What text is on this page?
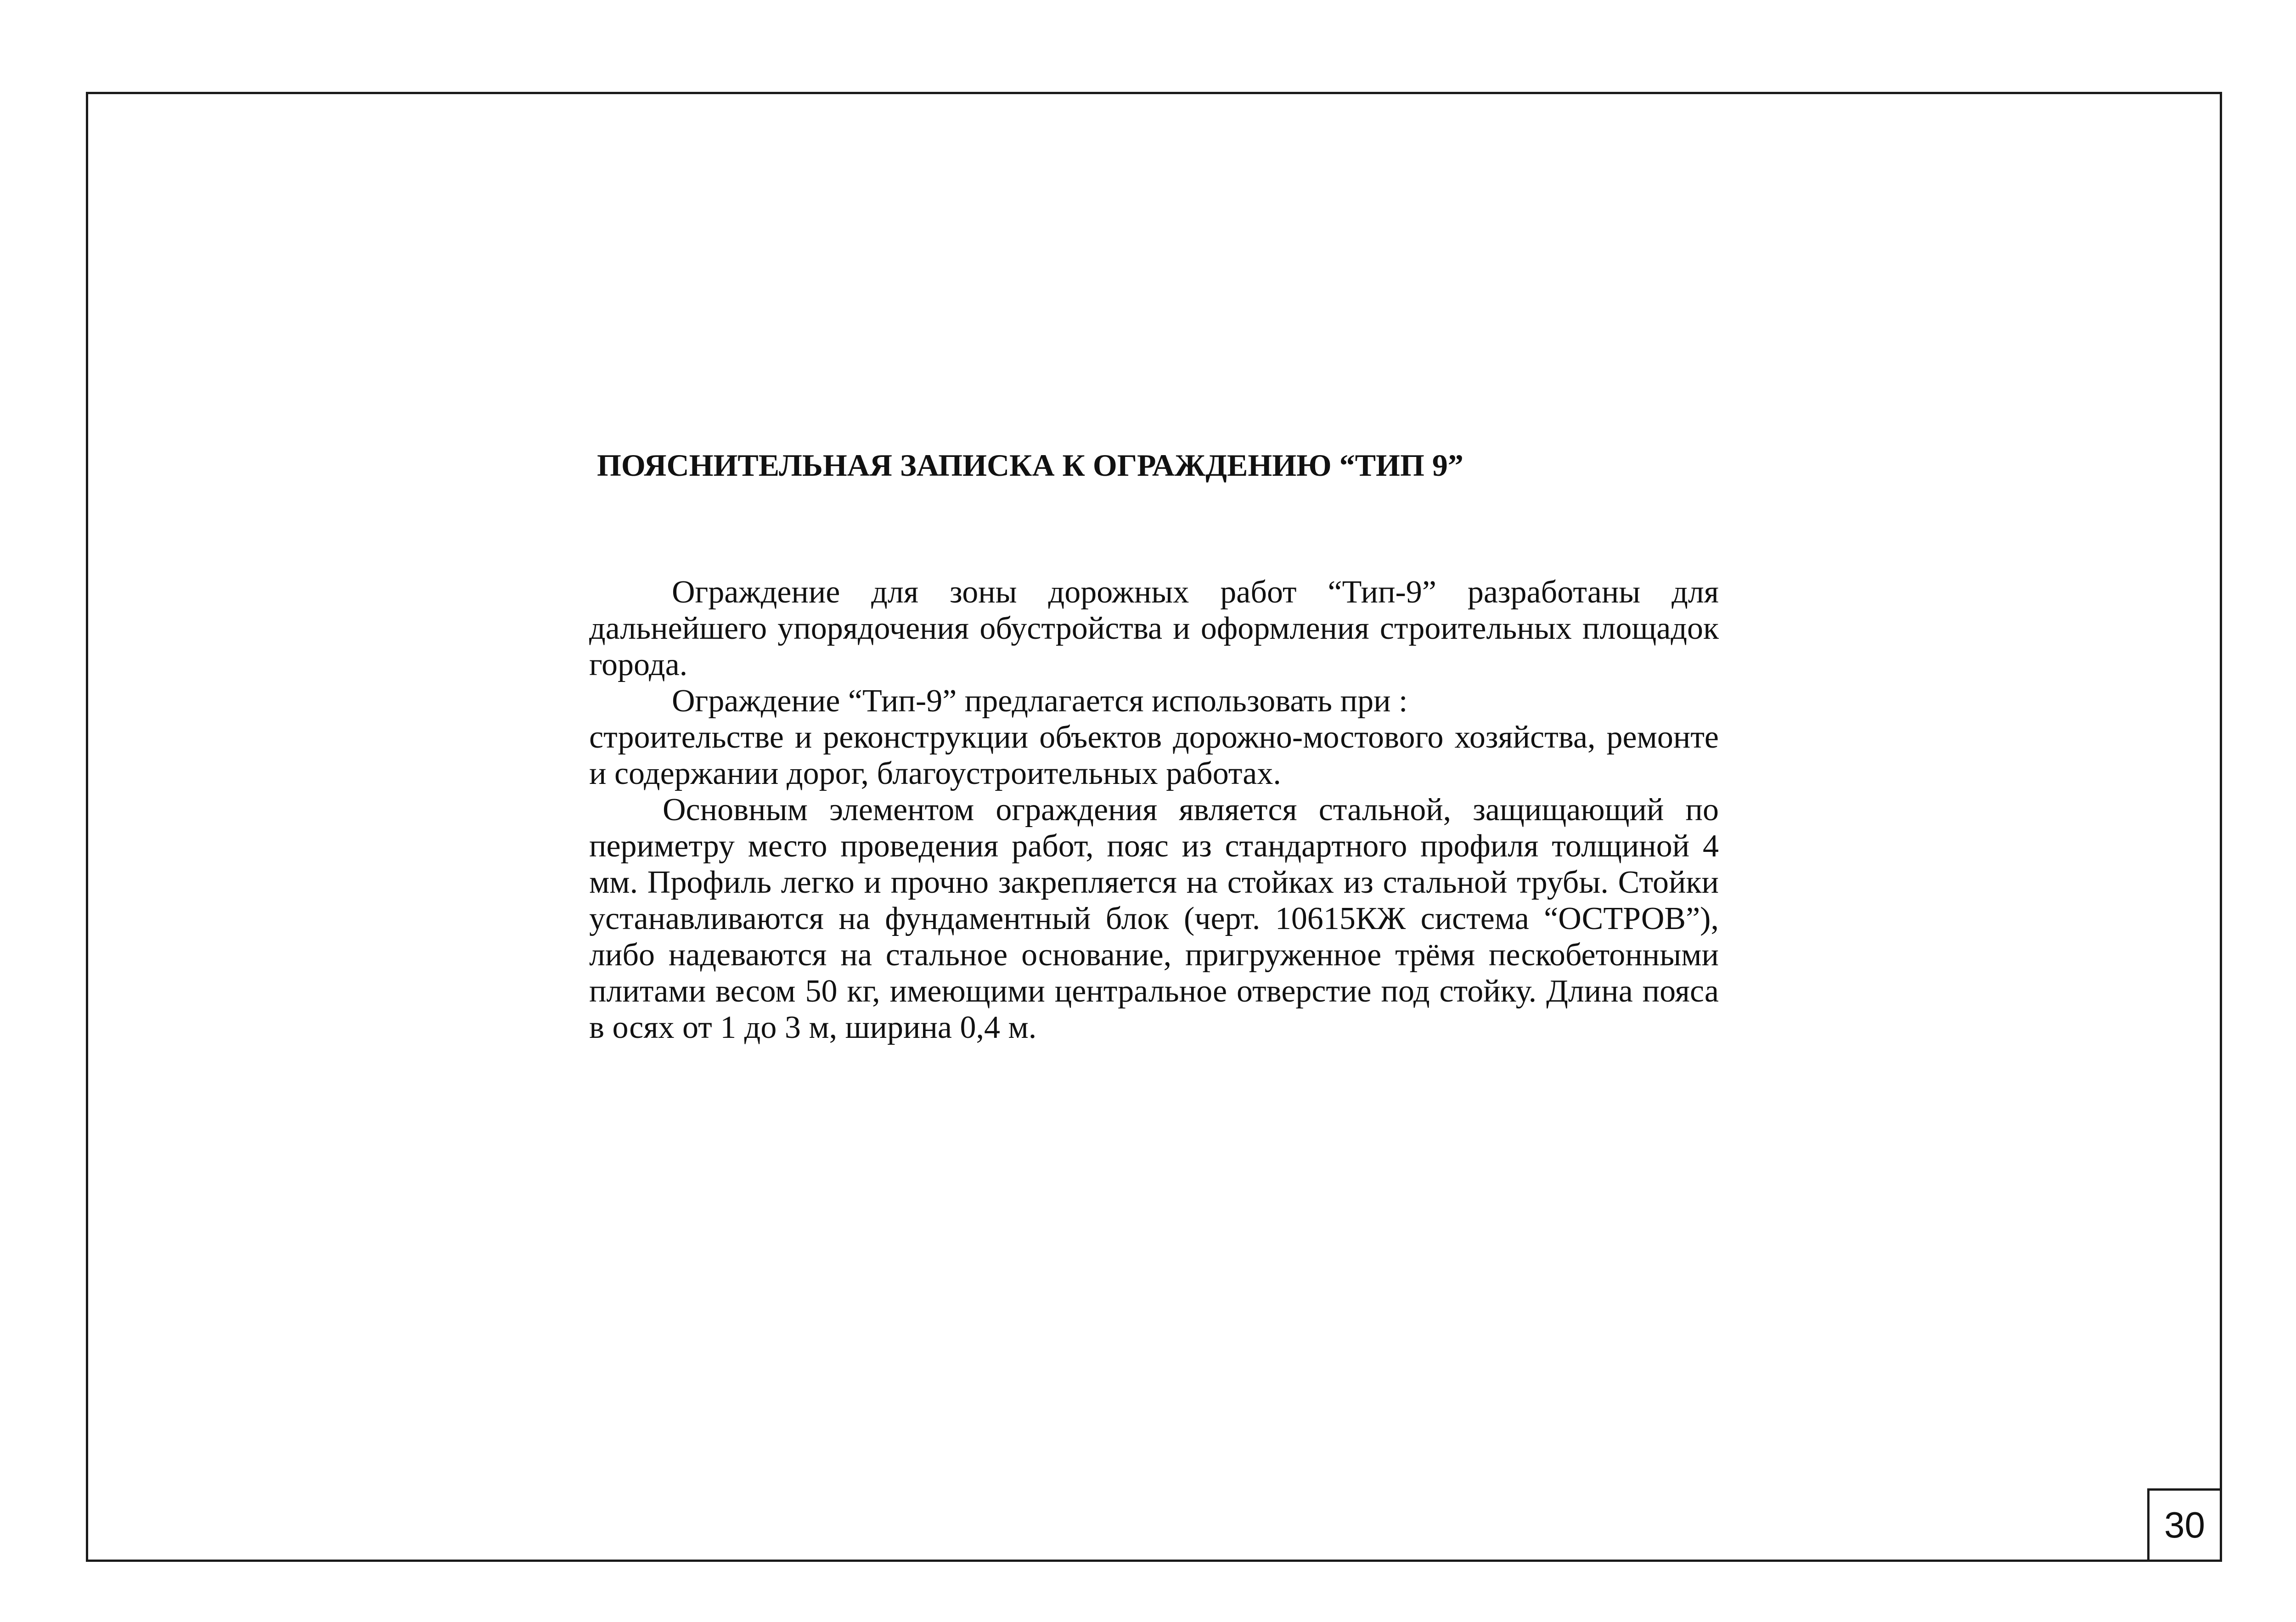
ПОЯСНИТЕЛЬНАЯ ЗАПИСКА К ОГРАЖДЕНИЮ “ТИП 9”

Ограждение для зоны дорожных работ “Тип-9” разработаны для дальнейшего упорядочения обустройства и оформления строительных площадок города.

Ограждение “Тип-9” предлагается использовать при :

строительстве и реконструкции объектов дорожно-мостового хозяйства, ремонте и содержании дорог, благоустроительных работах.

Основным элементом ограждения является стальной, защищающий по периметру место проведения работ, пояс из стандартного профиля толщиной 4 мм. Профиль легко и прочно закрепляется на стойках из стальной трубы. Стойки устанавливаются на фундаментный блок (черт. 10615КЖ система “ОСТРОВ”), либо надеваются на стальное основание, пригруженное трёмя пескобетонными плитами весом 50 кг, имеющими центральное отверстие под стойку. Длина пояса в осях от 1 до 3 м, ширина 0,4 м.

30
